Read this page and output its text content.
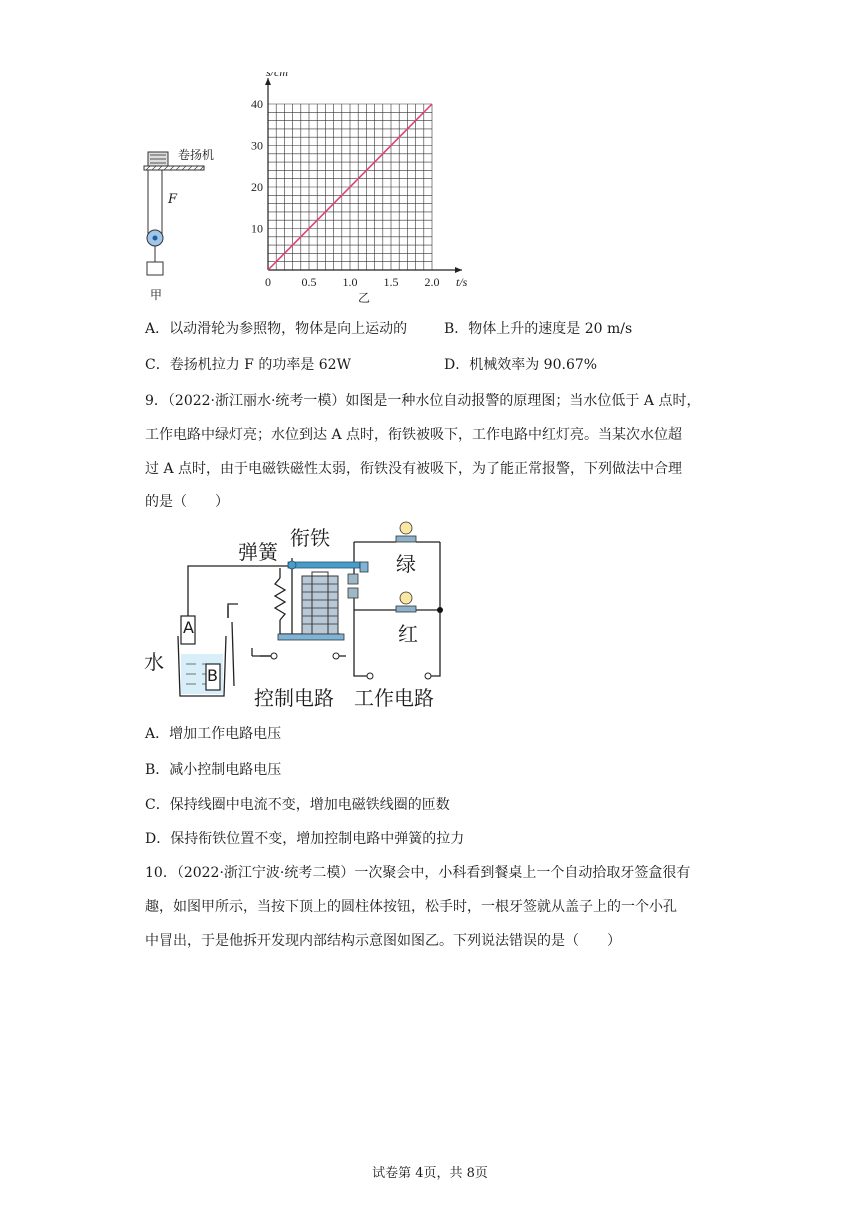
卷扬机
F
甲
0	0.5 1.0 1.5 2.0
10
20
30
40
s/cm
t/s
乙
A．以动滑轮为参照物，物体是向上运动的	B．物体上升的速度是 20 m/s
C．卷扬机拉力 F 的功率是 62W	D．机械效率为 90.67%
9．（2022·浙江丽水·统考一模）如图是一种水位自动报警的原理图；当水位低于 A 点时，
工作电路中绿灯亮；水位到达 A 点时，衔铁被吸下，工作电路中红灯亮。当某次水位超
过 A 点时，由于电磁铁磁性太弱，衔铁没有被吸下，为了能正常报警，下列做法中合理
的是（　　）
弹簧
衔铁
绿
红
水
A
B
控制电路 工作电路
A．增加工作电路电压
B．减小控制电路电压
C．保持线圈中电流不变，增加电磁铁线圈的匝数
D．保持衔铁位置不变，增加控制电路中弹簧的拉力
10．（2022·浙江宁波·统考二模）一次聚会中，小科看到餐桌上一个自动拾取牙签盒很有
趣，如图甲所示，当按下顶上的圆柱体按钮，松手时，一根牙签就从盖子上的一个小孔
中冒出，于是他拆开发现内部结构示意图如图乙。下列说法错误的是（　　）
试卷第 4页，共 8页
